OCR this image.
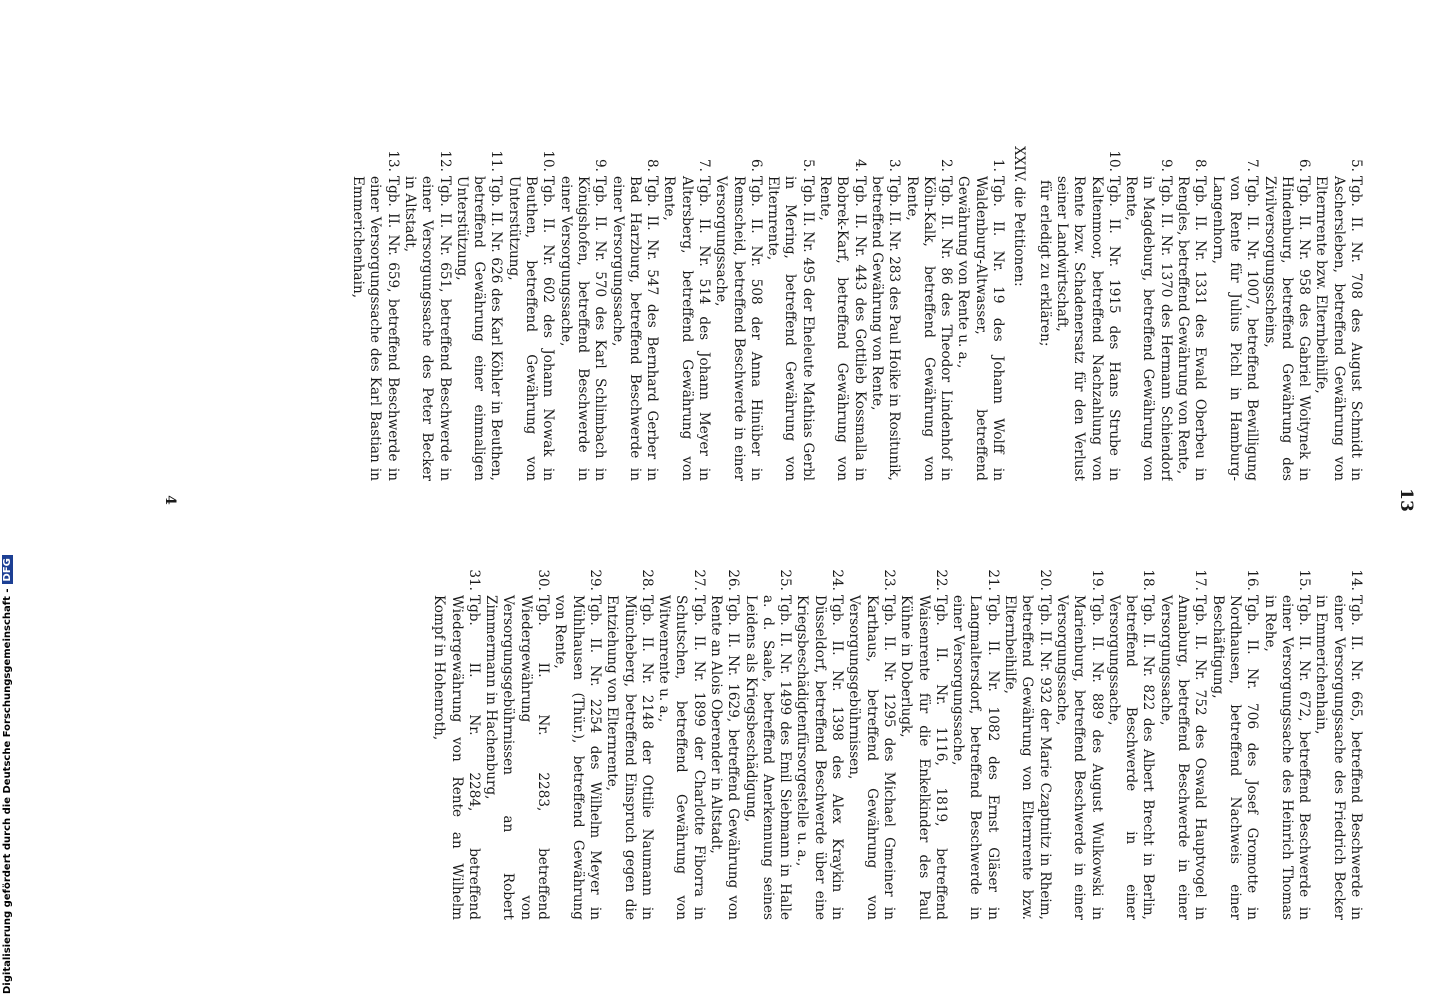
13
5.
Tgb. II. Nr. 708 des August Schmidt in Aschersleben, betreffend Gewährung von Elternrente bzw. Elternbeihilfe,
6.
Tgb. II. Nr. 958 des Gabriel Woitynek in Hindenburg, betreffend Gewährung des Zivilversorgungsscheins,
7.
Tgb. II. Nr. 1007, betreffend Bewilligung von Rente für Julius Pichl in Hamburg-Langenhorn,
8.
Tgb. II. Nr. 1331 des Ewald Oberbeu in Rengles, betreffend Gewährung von Rente,
9.
Tgb. II. Nr. 1370 des Hermann Schiendorf in Magdeburg, betreffend Gewährung von Rente,
10.
Tgb. II. Nr. 1915 des Hans Strube in Kaltenmoor, betreffend Nachzahlung von Rente bzw. Schadenersatz für den Verlust seiner Landwirtschaft,

für erledigt zu erklären;

XXIV. die Petitionen:
1.
Tgb. II. Nr. 19 des Johann Wolff in Waldenburg-Altwasser, betreffend Gewährung von Rente u. a.,
2.
Tgb. II. Nr. 86 des Theodor Lindenhof in Köln-Kalk, betreffend Gewährung von Rente,
3.
Tgb. II. Nr. 283 des Paul Hoike in Rositunik, betreffend Gewährung von Rente,
4.
Tgb. II. Nr. 443 des Gottlieb Kossmalla in Bobrek-Karf, betreffend Gewährung von Rente,
5.
Tgb. II. Nr. 495 der Eheleute Mathias Gerbl in Mering, betreffend Gewährung von Elternrente,
6.
Tgb. II. Nr. 508 der Anna Hinüber in Remscheid, betreffend Beschwerde in einer Versorgungssache,
7.
Tgb. II. Nr. 514 des Johann Meyer in Altersberg, betreffend Gewährung von Rente,
8.
Tgb. II. Nr. 547 des Bernhard Gerber in Bad Harzburg, betreffend Beschwerde in einer Versorgungssache,
9.
Tgb. II. Nr. 570 des Karl Schlimbach in Königshofen, betreffend Beschwerde in einer Versorgungssache,
10.
Tgb. II. Nr. 602 des Johann Nowak in Beuthen, betreffend Gewährung von Unterstützung,
11.
Tgb. II. Nr. 626 des Karl Köhler in Beuthen, betreffend Gewährung einer einmaligen Unterstützung,
12.
Tgb. II. Nr. 651, betreffend Beschwerde in einer Versorgungssache des Peter Becker in Altstadt,
13.
Tgb. II. Nr. 659, betreffend Beschwerde in einer Versorgungssache des Karl Bastian in Emmerichenhain,
14.
Tgb. II. Nr. 665, betreffend Beschwerde in einer Versorgungssache des Friedrich Becker in Emmerichenhain,
15.
Tgb. II. Nr. 672, betreffend Beschwerde in einer Versorgungssache des Heinrich Thomas in Rehe,
16.
Tgb. II. Nr. 706 des Josef Gromotte in Nordhausen, betreffend Nachweis einer Beschäftigung,
17.
Tgb. II. Nr. 752 des Oswald Hauptvogel in Annaburg, betreffend Beschwerde in einer Versorgungssache,
18.
Tgb. II. Nr. 822 des Albert Brecht in Berlin, betreffend Beschwerde in einer Versorgungssache,
19.
Tgb. II. Nr. 889 des August Wulkowski in Marienburg, betreffend Beschwerde in einer Versorgungssache,
20.
Tgb. II. Nr. 932 der Marie Czaptnitz in Rheim, betreffend Gewährung von Elternrente bzw. Elternbeihilfe,
21.
Tgb. II. Nr. 1082 des Ernst Gläser in Langmaltersdorf, betreffend Beschwerde in einer Versorgungssache,
22.
Tgb. II. Nr. 1116, 1819, betreffend Waisenrente für die Enkelkinder des Paul Kühne in Doberlugk,
23.
Tgb. II. Nr. 1295 des Michael Gmeiner in Karthaus, betreffend Gewährung von Versorgungsgebührnissen,
24.
Tgb. II. Nr. 1398 des Alex Kraykin in Düsseldorf, betreffend Beschwerde über eine Kriegsbeschädigtenfürsorgestelle u. a.,
25.
Tgb. II. Nr. 1499 des Emil Siebmann in Halle a. d. Saale, betreffend Anerkennung seines Leidens als Kriegsbeschädigung,
26.
Tgb. II. Nr. 1629, betreffend Gewährung von Rente an Alois Oberender in Altstadt,
27.
Tgb. II. Nr. 1899 der Charlotte Fiborra in Schutschen, betreffend Gewährung von Witwenrente u. a.,
28.
Tgb. II. Nr. 2148 der Ottilie Naumann in Müncheberg, betreffend Einspruch gegen die Entziehung von Elternrente,
29.
Tgb. II. Nr. 2254 des Wilhelm Meyer in Mühlhausen (Thür.), betreffend Gewährung von Rente,
30.
Tgb. II. Nr. 2283, betreffend Wiedergewährung von Versorgungsgebührnissen an Robert Zimmermann in Hachenburg,
31.
Tgb. II. Nr. 2284, betreffend Wiedergewährung von Rente an Wilhelm Kompf in Hohenroth,
4
Digitalisierung gefördert durch die Deutsche Forschungsgemeinschaft -DFG
